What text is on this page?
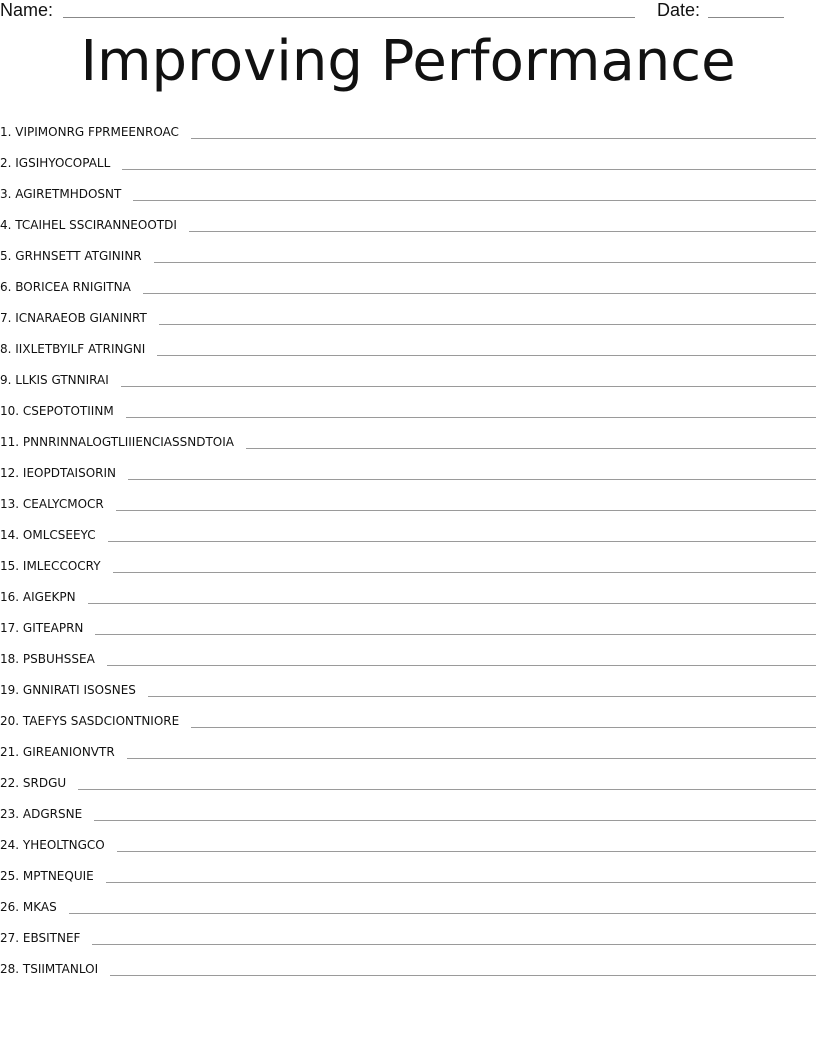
Name:	Date:
Improving Performance
1. VIPIMONRG FPRMEENROAC
2. IGSIHYOCOPALL
3. AGIRETMHDOSNT
4. TCAIHEL SSCIRANNEOOTDI
5. GRHNSETT ATGININR
6. BORICEA RNIGITNA
7. ICNARAEOB GIANINRT
8. IIXLETBYILF ATRINGNI
9. LLKIS GTNNIRAI
10. CSEPOTOTIINM
11. PNNRINNALOGTLIIIENCIASSNDTOIA
12. IEOPDTAISORIN
13. CEALYCMOCR
14. OMLCSEEYC
15. IMLECCOCRY
16. AIGEKPN
17. GITEAPRN
18. PSBUHSSEA
19. GNNIRATI ISOSNES
20. TAEFYS SASDCIONTNIORE
21. GIREANIONVTR
22. SRDGU
23. ADGRSNE
24. YHEOLTNGCO
25. MPTNEQUIE
26. MKAS
27. EBSITNEF
28. TSIIMTANLOI
